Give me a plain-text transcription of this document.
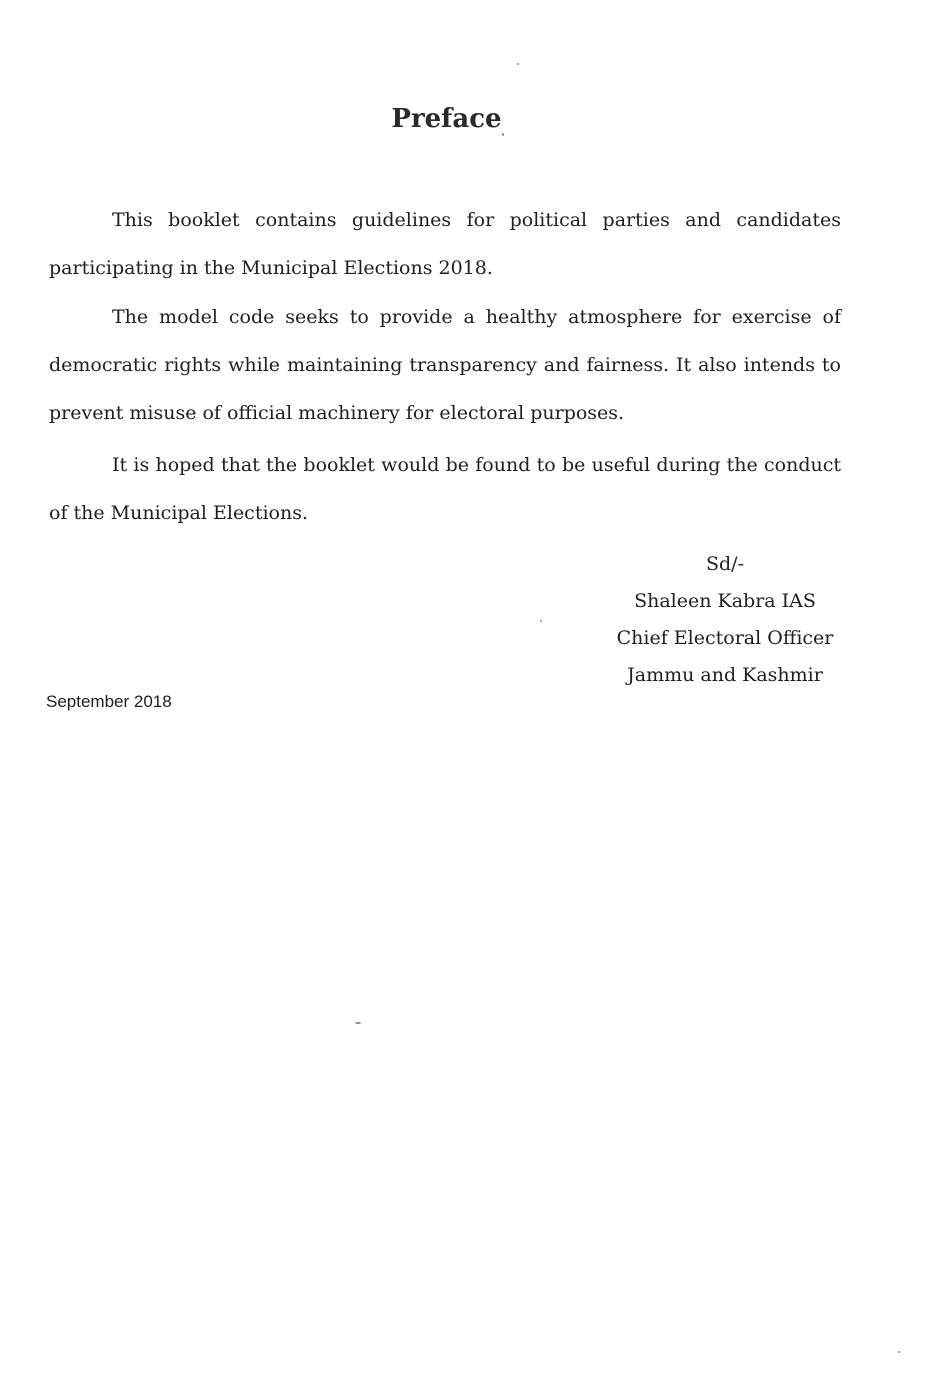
Preface

This booklet contains guidelines for political parties and candidates participating in the Municipal Elections 2018.

The model code seeks to provide a healthy atmosphere for exercise of democratic rights while maintaining transparency and fairness. It also intends to prevent misuse of official machinery for electoral purposes.

It is hoped that the booklet would be found to be useful during the conduct of the Municipal Elections.

Sd/-
Shaleen Kabra IAS
Chief Electoral Officer
Jammu and Kashmir
September 2018
